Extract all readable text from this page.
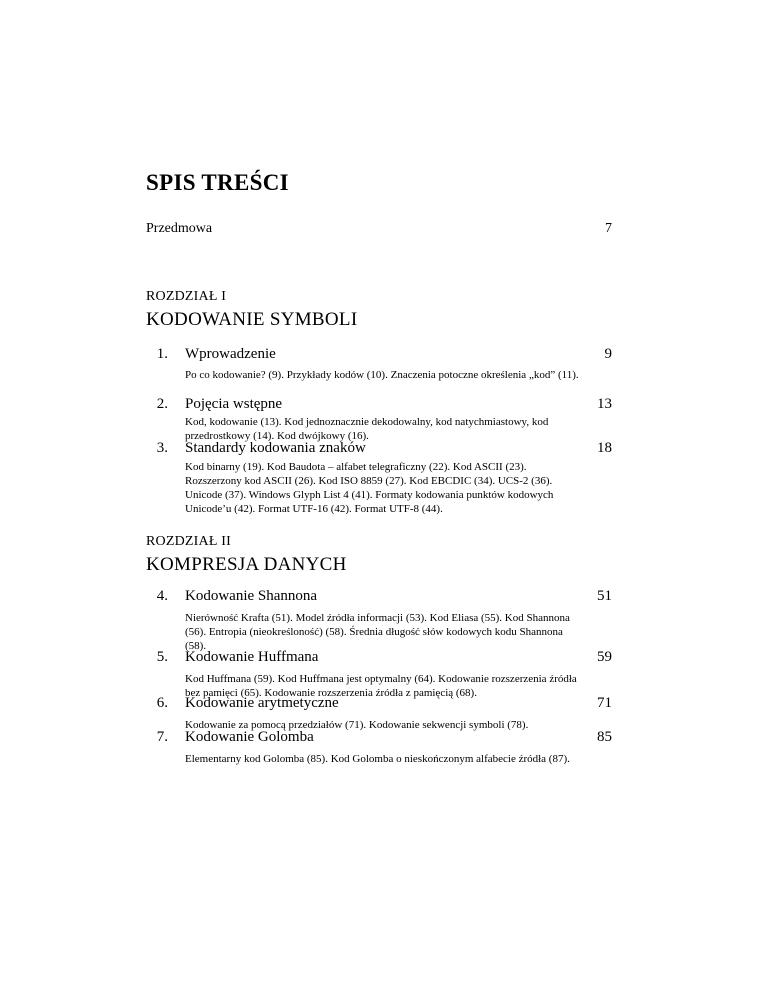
SPIS TREŚCI
Przedmowa	7
ROZDZIAŁ I
KODOWANIE SYMBOLI
1. Wprowadzenie	9
Po co kodowanie? (9). Przykłady kodów (10). Znaczenia potoczne określenia „kod” (11).
2. Pojęcia wstępne	13
Kod, kodowanie (13). Kod jednoznacznie dekodowalny, kod natychmiastowy, kod przedrostkowy (14). Kod dwójkowy (16).
3. Standardy kodowania znaków	18
Kod binarny (19). Kod Baudota – alfabet telegraficzny (22). Kod ASCII (23). Rozszerzony kod ASCII (26). Kod ISO 8859 (27). Kod EBCDIC (34). UCS-2 (36). Unicode (37). Windows Glyph List 4 (41). Formaty kodowania punktów kodowych Unicode’u (42). Format UTF-16 (42). Format UTF-8 (44).
ROZDZIAŁ II
KOMPRESJA DANYCH
4. Kodowanie Shannona	51
Nierówność Krafta (51). Model źródła informacji (53). Kod Eliasa (55). Kod Shannona (56). Entropia (nieokreśloność) (58). Średnia długość słów kodowych kodu Shannona (58).
5. Kodowanie Huffmana	59
Kod Huffmana (59). Kod Huffmana jest optymalny (64). Kodowanie rozszerzenia źródła bez pamięci (65). Kodowanie rozszerzenia źródła z pamięcią (68).
6. Kodowanie arytmetyczne	71
Kodowanie za pomocą przedziałów (71). Kodowanie sekwencji symboli (78).
7. Kodowanie Golomba	85
Elementarny kod Golomba (85). Kod Golomba o nieskończonym alfabecie źródła (87).
